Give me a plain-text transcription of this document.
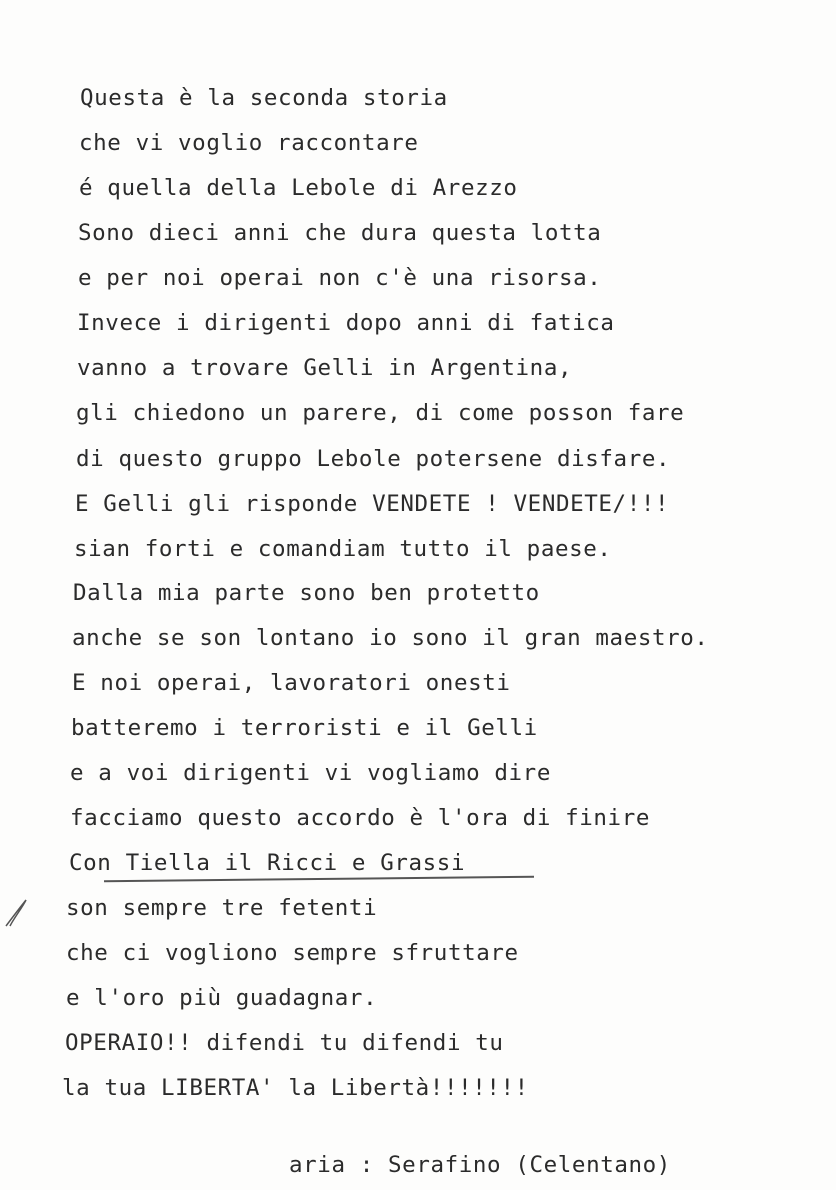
Questa è la seconda storia
che vi voglio raccontare
é quella della Lebole di Arezzo
Sono dieci anni che dura questa lotta
e per noi operai non c'è una risorsa.
Invece i dirigenti dopo anni di fatica
vanno a trovare Gelli in Argentina,
gli chiedono un parere, di come posson fare
di questo gruppo Lebole potersene disfare.
E Gelli gli risponde VENDETE ! VENDETE/!!!
sian forti e comandiam tutto il paese.
Dalla mia parte sono ben protetto
anche se son lontano io sono il gran maestro.
E noi operai, lavoratori onesti
batteremo i terroristi e il Gelli
e a voi dirigenti vi vogliamo dire
facciamo questo accordo è l'ora di finire
Con Tiella il Ricci e Grassi
son sempre tre fetenti
che ci vogliono sempre sfruttare
e l'oro più guadagnar.
OPERAIO!! difendi tu difendi tu
la tua LIBERTA' la Libertà!!!!!!!
aria : Serafino (Celentano)
